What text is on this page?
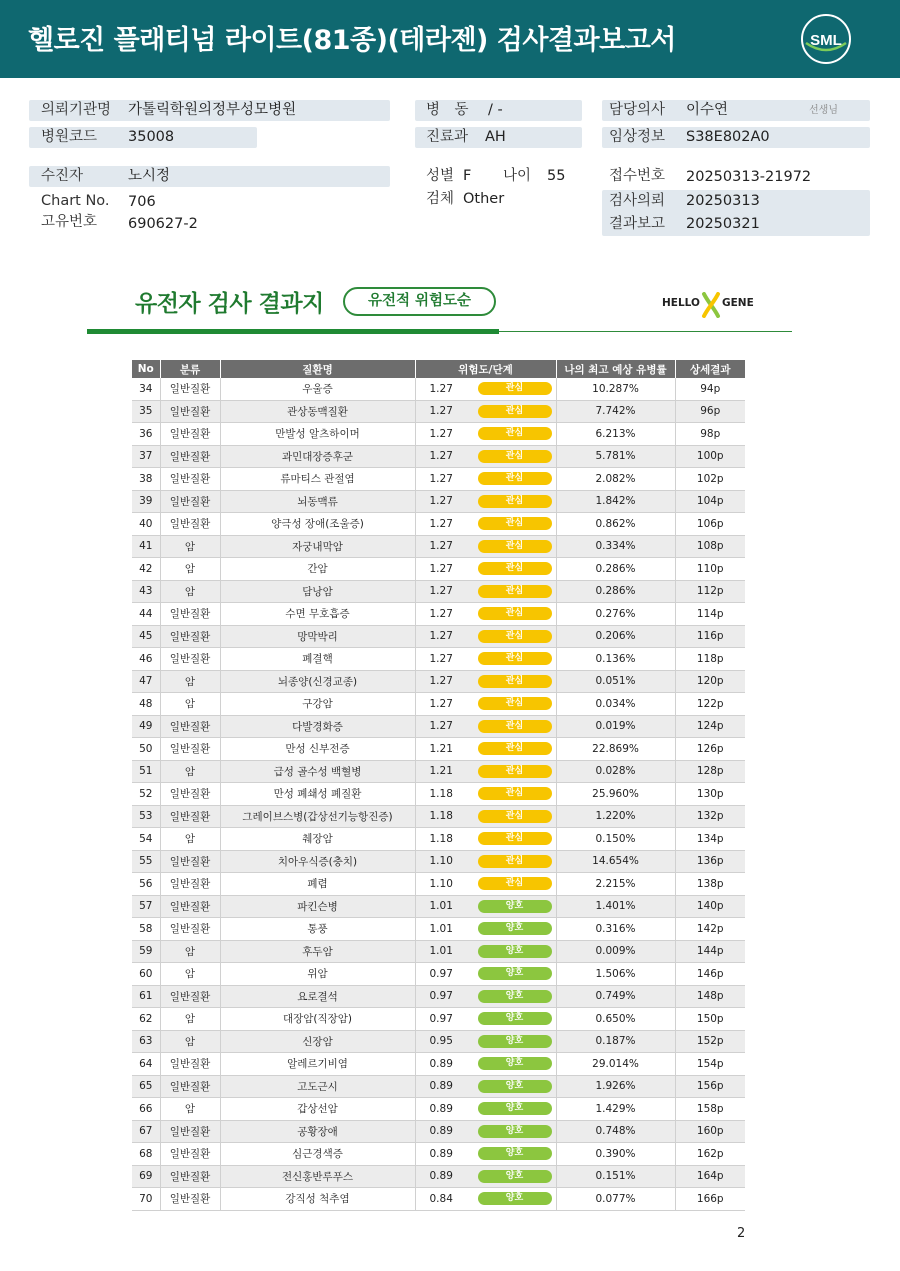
헬로진 플래티넘 라이트(81종)(테라젠) 검사결과보고서	SML
의뢰기관명 가톨릭학원의정부성모병원
병원코드 35008
수진자	노시정
Chart No. 706
고유번호 690627-2
병　동 / -
진료과 AH
성별 F 나이 55
검체 Other
담당의사 이수연	선생님
임상정보 S38E802A0
접수번호 20250313-21972
검사의뢰 20250313
결과보고 20250321
유전자 검사 결과지	유전적 위험도순	HELLO GENE
No	분류	질환명	위험도/단계	나의 최고 예상 유병률	상세결과
34	일반질환	우울증	1.27 관심	10.287%	94p
35	일반질환	관상동맥질환	1.27 관심	7.742%	96p
36	일반질환	만발성 알츠하이머	1.27 관심	6.213%	98p
37	일반질환	과민대장증후군	1.27 관심	5.781%	100p
38	일반질환	류마티스 관절염	1.27 관심	2.082%	102p
39	일반질환	뇌동맥류	1.27 관심	1.842%	104p
40	일반질환	양극성 장애(조울증)	1.27 관심	0.862%	106p
41	암	자궁내막암	1.27 관심	0.334%	108p
42	암	간암	1.27 관심	0.286%	110p
43	암	담낭암	1.27 관심	0.286%	112p
44	일반질환	수면 무호흡증	1.27 관심	0.276%	114p
45	일반질환	망막박리	1.27 관심	0.206%	116p
46	일반질환	폐결핵	1.27 관심	0.136%	118p
47	암	뇌종양(신경교종)	1.27 관심	0.051%	120p
48	암	구강암	1.27 관심	0.034%	122p
49	일반질환	다발경화증	1.27 관심	0.019%	124p
50	일반질환	만성 신부전증	1.21 관심	22.869%	126p
51	암	급성 골수성 백혈병	1.21 관심	0.028%	128p
52	일반질환	만성 폐쇄성 폐질환	1.18 관심	25.960%	130p
53	일반질환	그레이브스병(갑상선기능항진증)	1.18 관심	1.220%	132p
54	암	췌장암	1.18 관심	0.150%	134p
55	일반질환	치아우식증(충치)	1.10 관심	14.654%	136p
56	일반질환	폐렴	1.10 관심	2.215%	138p
57	일반질환	파킨슨병	1.01 양호	1.401%	140p
58	일반질환	통풍	1.01 양호	0.316%	142p
59	암	후두암	1.01 양호	0.009%	144p
60	암	위암	0.97 양호	1.506%	146p
61	일반질환	요로결석	0.97 양호	0.749%	148p
62	암	대장암(직장암)	0.97 양호	0.650%	150p
63	암	신장암	0.95 양호	0.187%	152p
64	일반질환	알레르기비염	0.89 양호	29.014%	154p
65	일반질환	고도근시	0.89 양호	1.926%	156p
66	암	갑상선암	0.89 양호	1.429%	158p
67	일반질환	공황장애	0.89 양호	0.748%	160p
68	일반질환	심근경색증	0.89 양호	0.390%	162p
69	일반질환	전신홍반루푸스	0.89 양호	0.151%	164p
70	일반질환	강직성 척추염	0.84 양호	0.077%	166p
2
